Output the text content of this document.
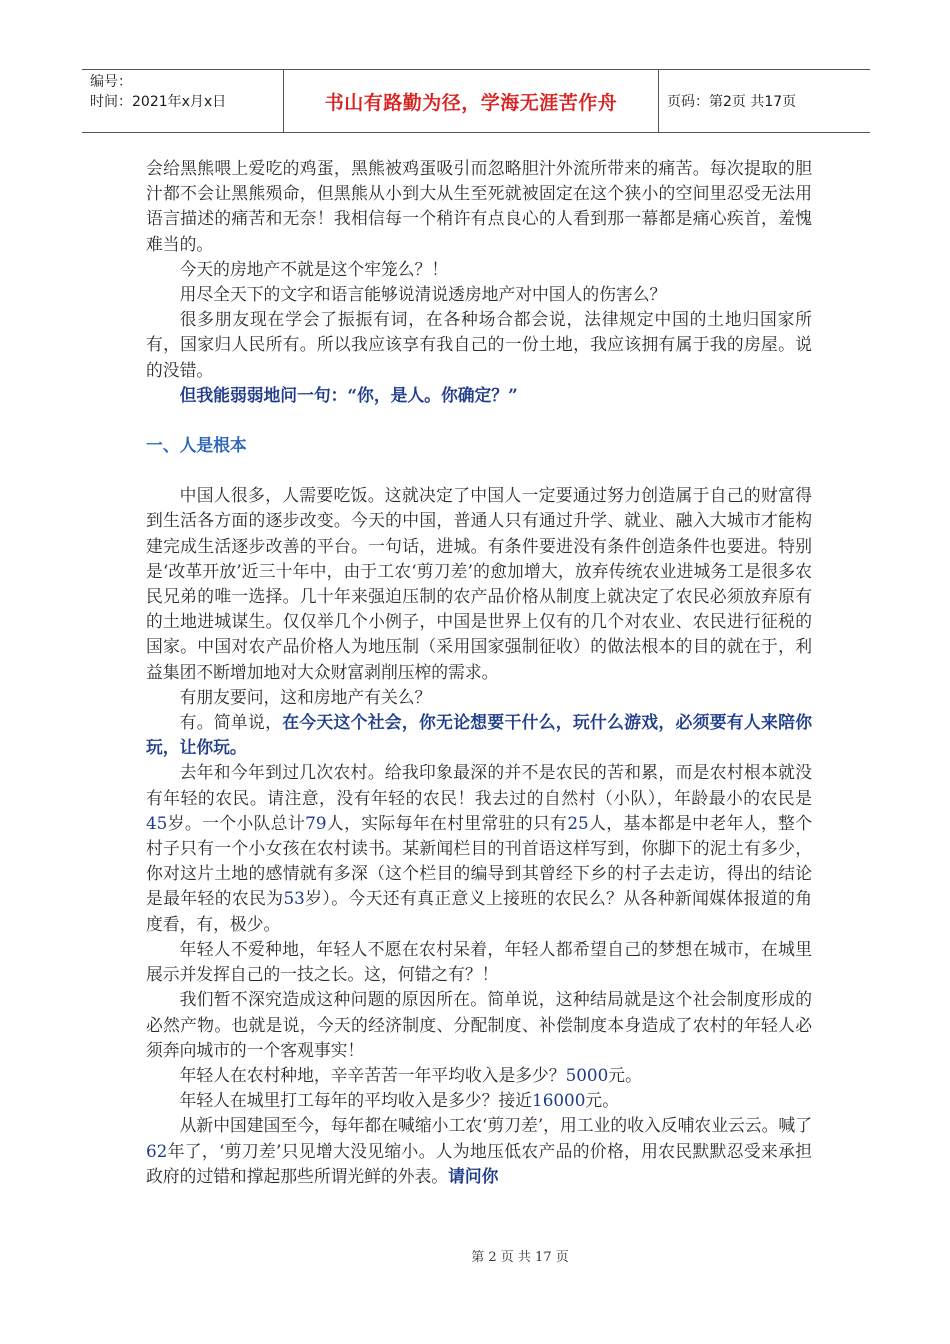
编号：
时间：2021年x月x日	书山有路勤为径，学海无涯苦作舟	页码：第2页 共17页

会给黑熊喂上爱吃的鸡蛋，黑熊被鸡蛋吸引而忽略胆汁外流所带来的痛苦。每次提取的胆汁都不会让黑熊殒命，但黑熊从小到大从生至死就被固定在这个狭小的空间里忍受无法用语言描述的痛苦和无奈！我相信每一个稍许有点良心的人看到那一幕都是痛心疾首，羞愧难当的。

今天的房地产不就是这个牢笼么？！

用尽全天下的文字和语言能够说清说透房地产对中国人的伤害么？

很多朋友现在学会了振振有词，在各种场合都会说，法律规定中国的土地归国家所有，国家归人民所有。所以我应该享有我自己的一份土地，我应该拥有属于我的房屋。说的没错。

但我能弱弱地问一句：“你，是人。你确定？”

一、人是根本

中国人很多，人需要吃饭。这就决定了中国人一定要通过努力创造属于自己的财富得到生活各方面的逐步改变。今天的中国，普通人只有通过升学、就业、融入大城市才能构建完成生活逐步改善的平台。一句话，进城。有条件要进没有条件创造条件也要进。特别是‘改革开放’近三十年中，由于工农‘剪刀差’的愈加增大，放弃传统农业进城务工是很多农民兄弟的唯一选择。几十年来强迫压制的农产品价格从制度上就决定了农民必须放弃原有的土地进城谋生。仅仅举几个小例子，中国是世界上仅有的几个对农业、农民进行征税的国家。中国对农产品价格人为地压制（采用国家强制征收）的做法根本的目的就在于，利益集团不断增加地对大众财富剥削压榨的需求。

有朋友要问，这和房地产有关么？

有。简单说，在今天这个社会，你无论想要干什么，玩什么游戏，必须要有人来陪你玩，让你玩。

去年和今年到过几次农村。给我印象最深的并不是农民的苦和累，而是农村根本就没有年轻的农民。请注意，没有年轻的农民！我去过的自然村（小队），年龄最小的农民是45岁。一个小队总计79人，实际每年在村里常驻的只有25人，基本都是中老年人，整个村子只有一个小女孩在农村读书。某新闻栏目的刊首语这样写到，你脚下的泥土有多少，你对这片土地的感情就有多深（这个栏目的编导到其曾经下乡的村子去走访，得出的结论是最年轻的农民为53岁）。今天还有真正意义上接班的农民么？从各种新闻媒体报道的角度看，有，极少。

年轻人不爱种地，年轻人不愿在农村呆着，年轻人都希望自己的梦想在城市，在城里展示并发挥自己的一技之长。这，何错之有？！

我们暂不深究造成这种问题的原因所在。简单说，这种结局就是这个社会制度形成的必然产物。也就是说，今天的经济制度、分配制度、补偿制度本身造成了农村的年轻人必须奔向城市的一个客观事实！

年轻人在农村种地，辛辛苦苦一年平均收入是多少？5000元。

年轻人在城里打工每年的平均收入是多少？接近16000元。

从新中国建国至今，每年都在喊缩小工农‘剪刀差’，用工业的收入反哺农业云云。喊了62年了，‘剪刀差’只见增大没见缩小。人为地压低农产品的价格，用农民默默忍受来承担政府的过错和撑起那些所谓光鲜的外表。请问你

第 2 页 共 17 页
